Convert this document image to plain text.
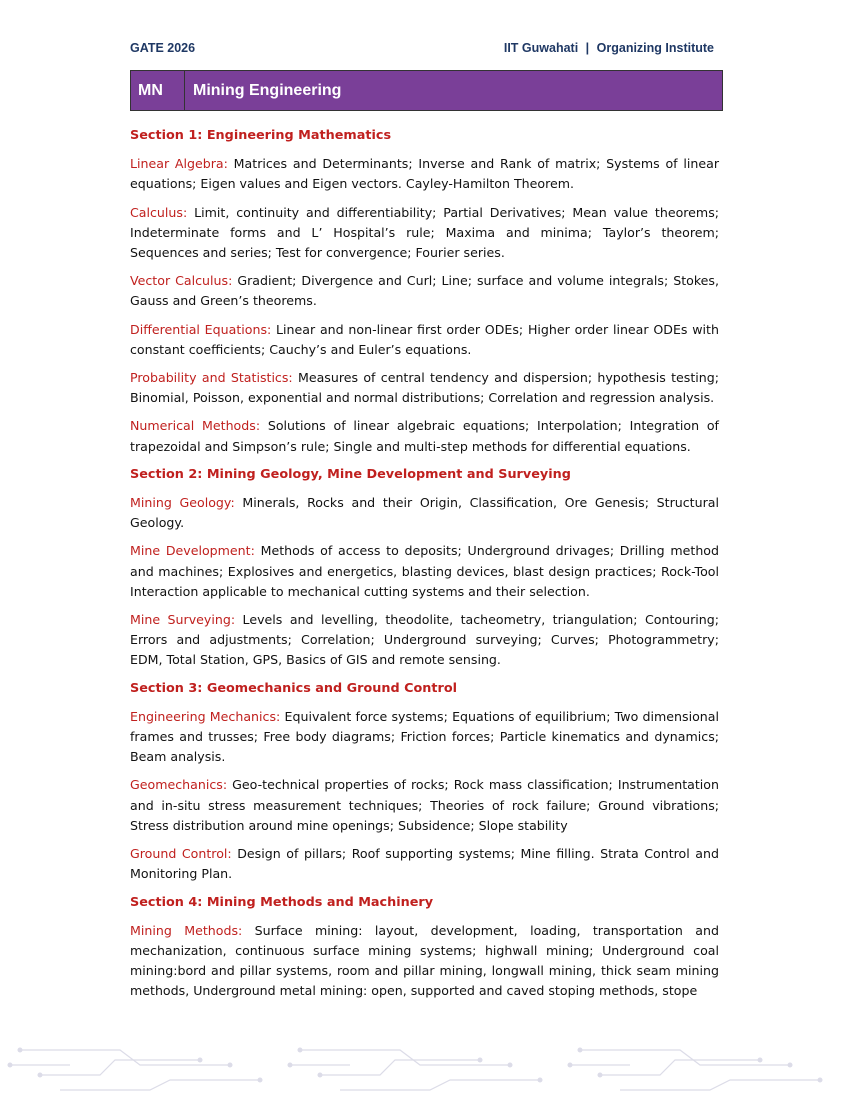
GATE 2026	IIT Guwahati | Organizing Institute
MN	Mining Engineering
Section 1: Engineering Mathematics

Linear Algebra: Matrices and Determinants; Inverse and Rank of matrix; Systems of linear equations; Eigen values and Eigen vectors. Cayley-Hamilton Theorem.

Calculus: Limit, continuity and differentiability; Partial Derivatives; Mean value theorems; Indeterminate forms and L’ Hospital’s rule; Maxima and minima; Taylor’s theorem; Sequences and series; Test for convergence; Fourier series.

Vector Calculus: Gradient; Divergence and Curl; Line; surface and volume integrals; Stokes, Gauss and Green’s theorems.

Differential Equations: Linear and non-linear first order ODEs; Higher order linear ODEs with constant coefficients; Cauchy’s and Euler’s equations.

Probability and Statistics: Measures of central tendency and dispersion; hypothesis testing; Binomial, Poisson, exponential and normal distributions; Correlation and regression analysis.

Numerical Methods: Solutions of linear algebraic equations; Interpolation; Integration of trapezoidal and Simpson’s rule; Single and multi-step methods for differential equations.

Section 2: Mining Geology, Mine Development and Surveying

Mining Geology: Minerals, Rocks and their Origin, Classification, Ore Genesis; Structural Geology.

Mine Development: Methods of access to deposits; Underground drivages; Drilling method and machines; Explosives and energetics, blasting devices, blast design practices; Rock-Tool Interaction applicable to mechanical cutting systems and their selection.

Mine Surveying: Levels and levelling, theodolite, tacheometry, triangulation; Contouring; Errors and adjustments; Correlation; Underground surveying; Curves; Photogrammetry; EDM, Total Station, GPS, Basics of GIS and remote sensing.

Section 3: Geomechanics and Ground Control

Engineering Mechanics: Equivalent force systems; Equations of equilibrium; Two dimensional frames and trusses; Free body diagrams; Friction forces; Particle kinematics and dynamics; Beam analysis.

Geomechanics: Geo-technical properties of rocks; Rock mass classification; Instrumentation and in-situ stress measurement techniques; Theories of rock failure; Ground vibrations; Stress distribution around mine openings; Subsidence; Slope stability

Ground Control: Design of pillars; Roof supporting systems; Mine filling. Strata Control and Monitoring Plan.

Section 4: Mining Methods and Machinery

Mining Methods: Surface mining: layout, development, loading, transportation and mechanization, continuous surface mining systems; highwall mining; Underground coal mining:bord and pillar systems, room and pillar mining, longwall mining, thick seam mining methods, Underground metal mining: open, supported and caved stoping methods, stope
